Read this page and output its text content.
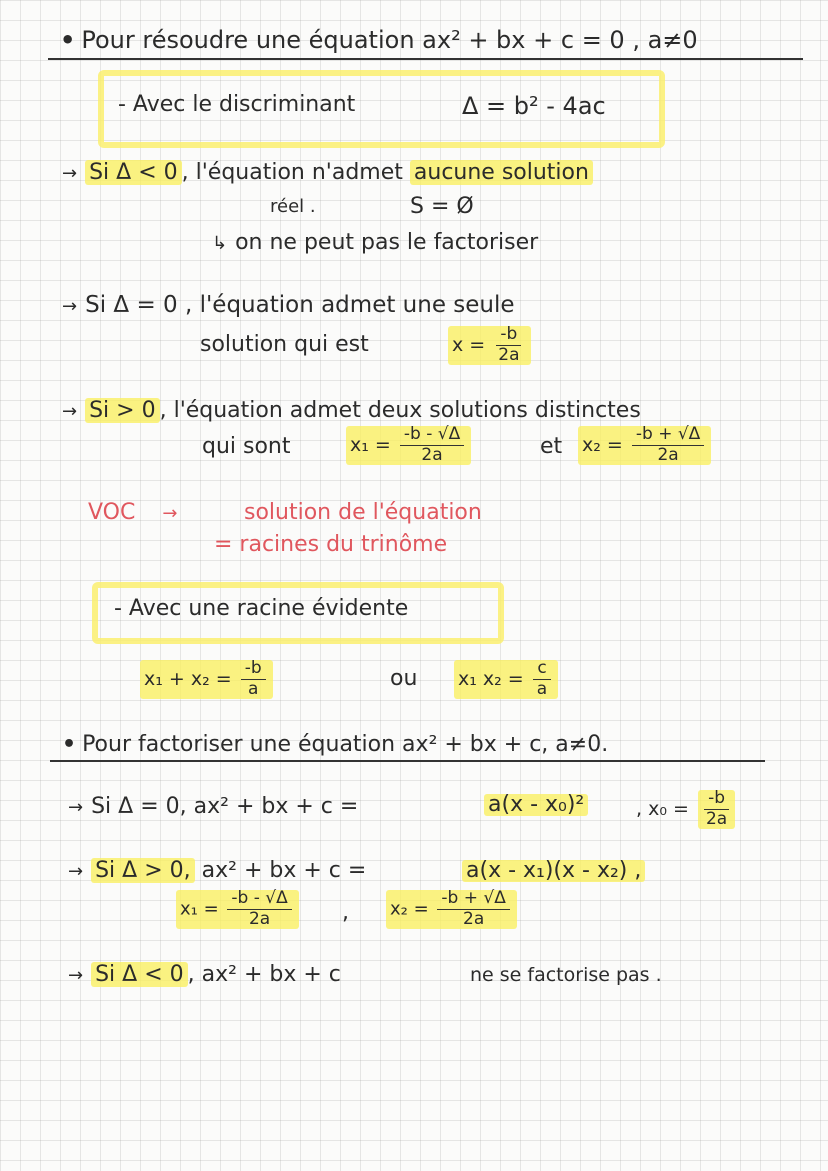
• Pour résoudre une équation ax² + bx + c = 0 , a≠0
- Avec le discriminant	Δ = b² - 4ac
→ Si Δ < 0 , l'équation n'admet aucune solution
réel .	S = Ø
↳ on ne peut pas le factoriser
→ Si Δ = 0 , l'équation admet une seule
solution qui est	$x = \frac{-b}{2a}$
→ Si > 0 , l'équation admet deux solutions distinctes
qui sont	$x_1 = \frac{-b - √\Delta}{2a}$	et $x_2 = \frac{-b + √\Delta}{2a}$
VOC →	solution de l'équation
= racines du trinôme
- Avec une racine évidente
$x_1 + x_2 = \frac{-b}{a}$	ou x₁ $x_2 = \frac{c}{a}$
• Pour factoriser une équation ax² + bx + c, a≠0.
→ Si Δ = 0, ax² + bx + c =	a(x - x₀)²	, $x_0 = \frac{-b}{2a}$
→ Si Δ > 0, ax² + bx + c =	a(x - x₁)(x - x₂) ,
$x_1 = \frac{-b - √\Delta}{2a}$ , $x_2 = \frac{-b + √\Delta}{2a}$
→ Si Δ < 0 , ax² + bx + c	ne se factorise pas .
